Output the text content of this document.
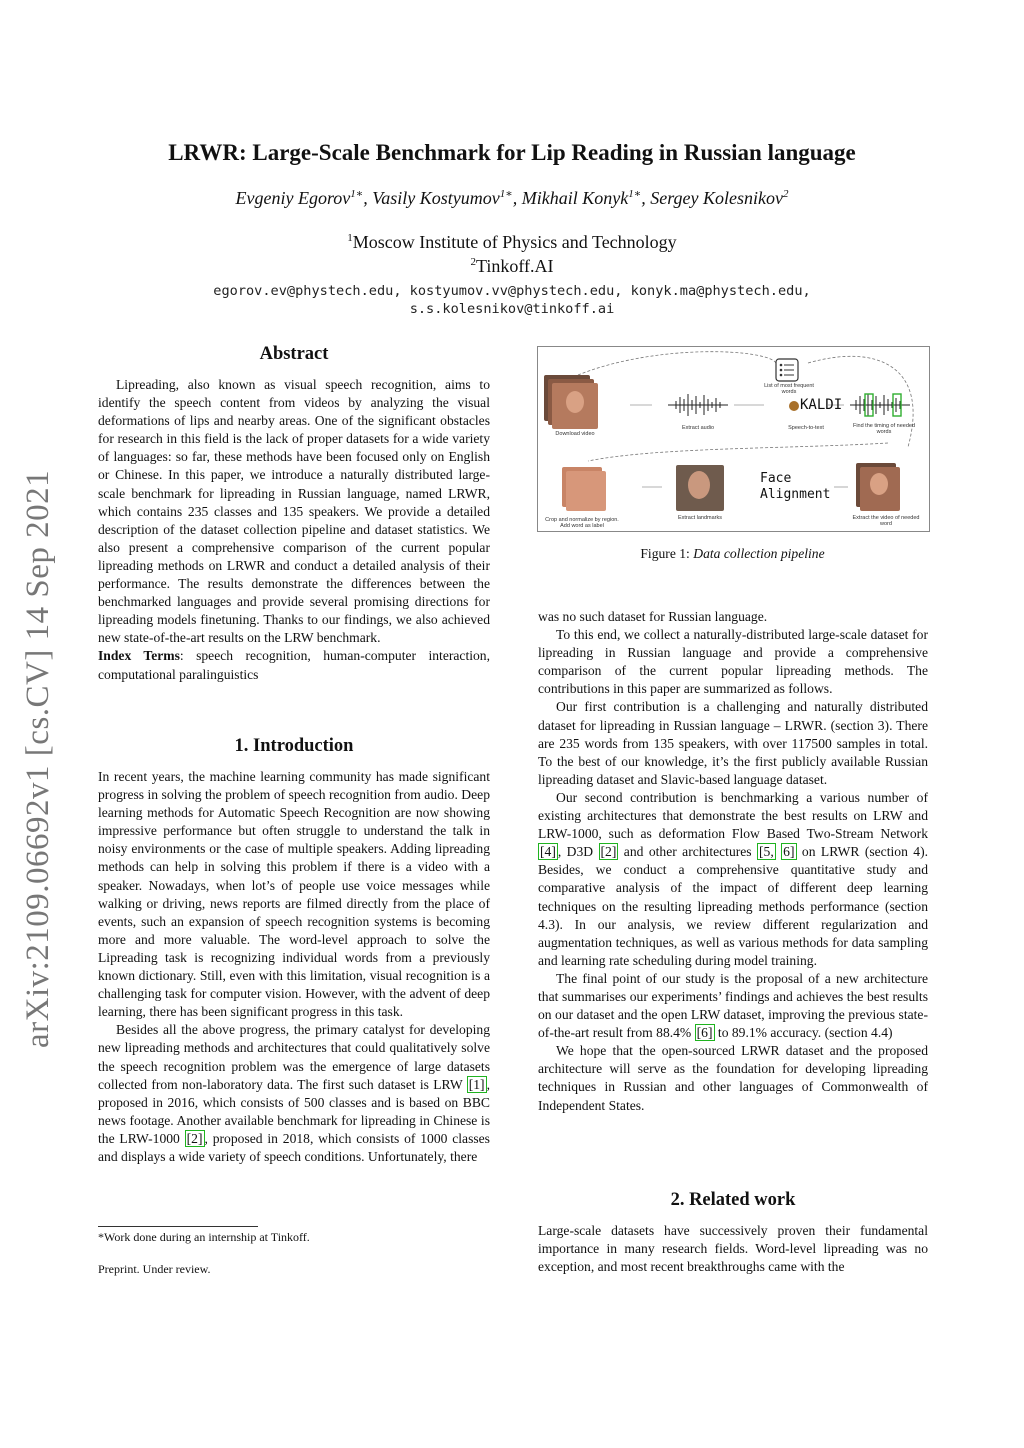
arXiv:2109.06692v1 [cs.CV] 14 Sep 2021
LRWR: Large-Scale Benchmark for Lip Reading in Russian language
Evgeniy Egorov$^{1∗}$, Vasily Kostyumov$^{1∗}$, Mikhail Konyk$^{1∗}$, Sergey Kolesnikov$^2$
$^1$Moscow Institute of Physics and Technology
$^2$Tinkoff.AI
egorov.ev@phystech.edu, kostyumov.vv@phystech.edu, konyk.ma@phystech.edu,
s.s.kolesnikov@tinkoff.ai
Abstract

Lipreading, also known as visual speech recognition, aims to identify the speech content from videos by analyzing the visual deformations of lips and nearby areas. One of the significant obstacles for research in this field is the lack of proper datasets for a wide variety of languages: so far, these methods have been focused only on English or Chinese. In this paper, we introduce a naturally distributed large-scale benchmark for lipreading in Russian language, named LRWR, which contains 235 classes and 135 speakers. We provide a detailed description of the dataset collection pipeline and dataset statistics. We also present a comprehensive comparison of the current popular lipreading methods on LRWR and conduct a detailed analysis of their performance. The results demonstrate the differences between the benchmarked languages and provide several promising directions for lipreading models finetuning. Thanks to our findings, we also achieved new state-of-the-art results on the LRW benchmark.

Index Terms: speech recognition, human-computer interaction, computational paralinguistics

1. Introduction

In recent years, the machine learning community has made significant progress in solving the problem of speech recognition from audio. Deep learning methods for Automatic Speech Recognition are now showing impressive performance but often struggle to understand the talk in noisy environments or the case of multiple speakers. Adding lipreading methods can help in solving this problem if there is a video with a speaker. Nowadays, when lot’s of people use voice messages while walking or driving, news reports are filmed directly from the place of events, such an expansion of speech recognition systems is becoming more and more valuable. The word-level approach to solve the Lipreading task is recognizing individual words from a previously known dictionary. Still, even with this limitation, visual recognition is a challenging task for computer vision. However, with the advent of deep learning, there has been significant progress in this task.

Besides all the above progress, the primary catalyst for developing new lipreading methods and architectures that could qualitatively solve the speech recognition problem was the emergence of large datasets collected from non-laboratory data. The first such dataset is LRW [1] , proposed in 2016, which consists of 500 classes and is based on BBC news footage. Another available benchmark for lipreading in Chinese is the LRW-1000 [2] , proposed in 2018, which consists of 1000 classes and displays a wide variety of speech conditions. Unfortunately, there

*Work done during an internship at Tinkoff.
Preprint. Under review.
List of most frequent words
Download video
Extract audio
KALDI
Speech-to-text	Find the timing of needed words
Crop and normalize by region. Add word as label
Extract landmarks
Face Alignment
Extract the video of needed word
Figure 1: Data collection pipeline

was no such dataset for Russian language.

To this end, we collect a naturally-distributed large-scale dataset for lipreading in Russian language and provide a comprehensive comparison of the current popular lipreading methods. The contributions in this paper are summarized as follows.

Our first contribution is a challenging and naturally distributed dataset for lipreading in Russian language – LRWR. (section 3). There are 235 words from 135 speakers, with over 117500 samples in total. To the best of our knowledge, it’s the first publicly available Russian lipreading dataset and Slavic-based language dataset.

Our second contribution is benchmarking a various number of existing architectures that demonstrate the best results on LRW and LRW-1000, such as deformation Flow Based Two-Stream Network [4] , D3D [2] and other architectures [5, 6] on LRWR (section 4). Besides, we conduct a comprehensive quantitative study and comparative analysis of the impact of different deep learning techniques on the resulting lipreading methods performance (section 4.3). In our analysis, we review different regularization and augmentation techniques, as well as various methods for data sampling and learning rate scheduling during model training.

The final point of our study is the proposal of a new architecture that summarises our experiments’ findings and achieves the best results on our dataset and the open LRW dataset, improving the previous state-of-the-art result from 88.4% [6] to 89.1% accuracy. (section 4.4)

We hope that the open-sourced LRWR dataset and the proposed architecture will serve as the foundation for developing lipreading techniques in Russian and other languages of Commonwealth of Independent States.

2. Related work

Large-scale datasets have successively proven their fundamental importance in many research fields. Word-level lipreading was no exception, and most recent breakthroughs came with the
